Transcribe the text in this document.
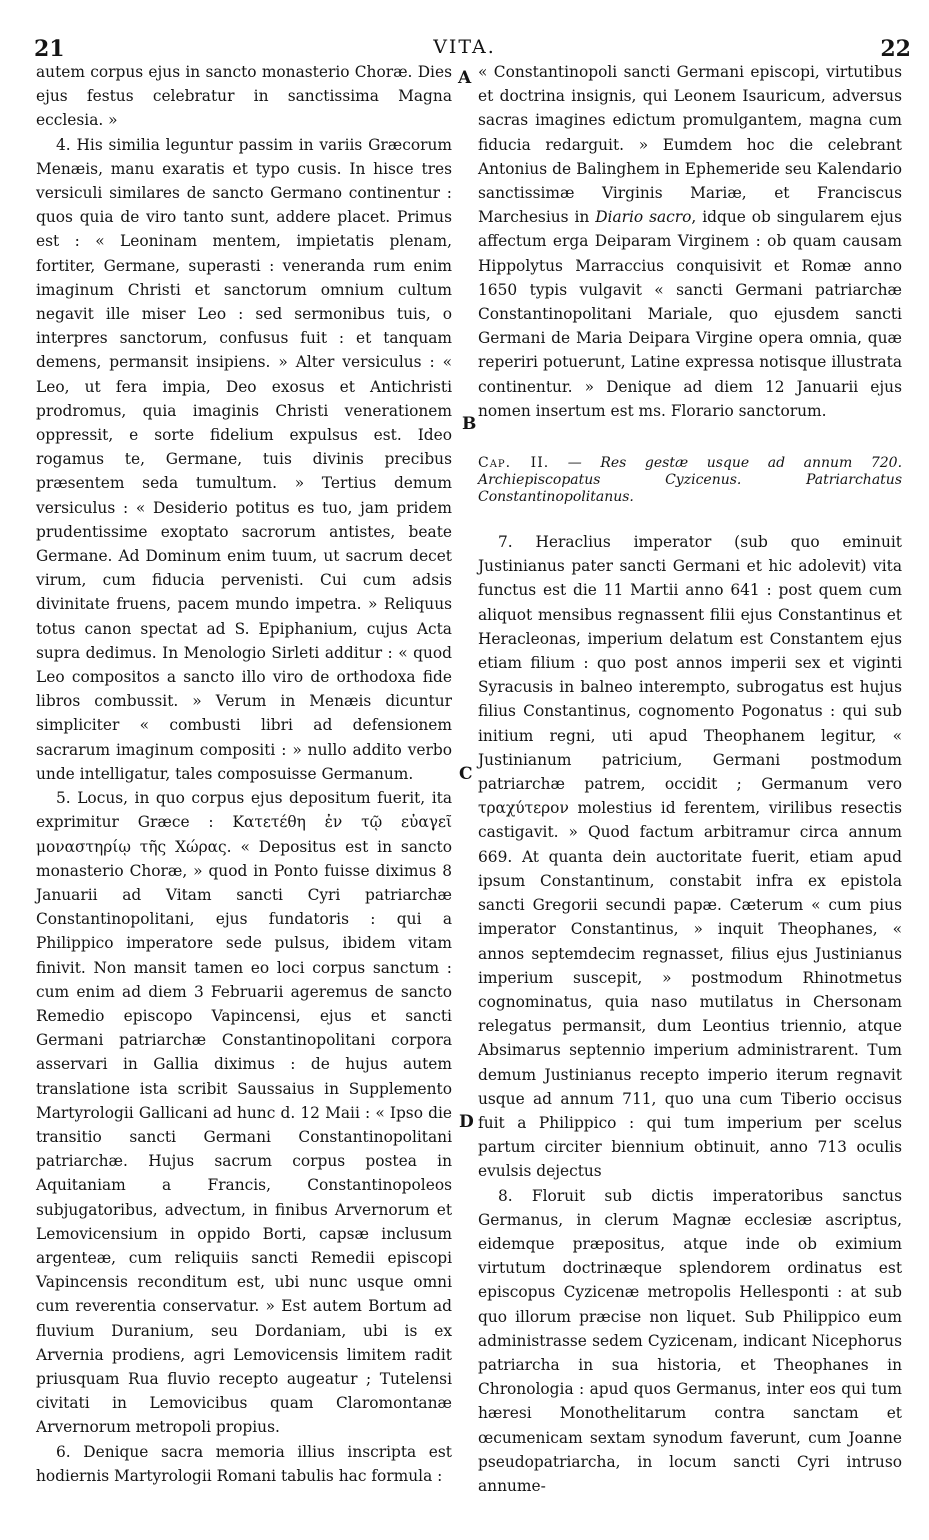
21	VITA.	22

autem corpus ejus in sancto monasterio Choræ. Dies ejus festus celebratur in sanctissima Magna ecclesia. »

4. His similia leguntur passim in variis Græcorum Menæis, manu exaratis et typo cusis. In hisce tres versiculi similares de sancto Germano continentur : quos quia de viro tanto sunt, addere placet. Primus est : « Leoninam mentem, impietatis plenam, fortiter, Germane, superasti : veneranda rum enim imaginum Christi et sanctorum omnium cultum negavit ille miser Leo : sed sermonibus tuis, o interpres sanctorum, confusus fuit : et tanquam demens, permansit insipiens. » Alter versiculus : « Leo, ut fera impia, Deo exosus et Antichristi prodromus, quia imaginis Christi venerationem oppressit, e sorte fidelium expulsus est. Ideo rogamus te, Germane, tuis divinis precibus præsentem seda tumultum. » Tertius demum versiculus : « Desiderio potitus es tuo, jam pridem prudentissime exoptato sacrorum antistes, beate Germane. Ad Dominum enim tuum, ut sacrum decet virum, cum fiducia pervenisti. Cui cum adsis divinitate fruens, pacem mundo impetra. » Reliquus totus canon spectat ad S. Epiphanium, cujus Acta supra dedimus. In Menologio Sirleti additur : « quod Leo compositos a sancto illo viro de orthodoxa fide libros combussit. » Verum in Menæis dicuntur simpliciter « combusti libri ad defensionem sacrarum imaginum compositi : » nullo addito verbo unde intelligatur, tales composuisse Germanum.

5. Locus, in quo corpus ejus depositum fuerit, ita exprimitur Græce : Κατετέθη ἐν τῷ εὐαγεῖ μοναστηρίῳ τῆς Χώρας. « Depositus est in sancto monasterio Choræ, » quod in Ponto fuisse diximus 8 Januarii ad Vitam sancti Cyri patriarchæ Constantinopolitani, ejus fundatoris : qui a Philippico imperatore sede pulsus, ibidem vitam finivit. Non mansit tamen eo loci corpus sanctum : cum enim ad diem 3 Februarii ageremus de sancto Remedio episcopo Vapincensi, ejus et sancti Germani patriarchæ Constantinopolitani corpora asservari in Gallia diximus : de hujus autem translatione ista scribit Saussaius in Supplemento Martyrologii Gallicani ad hunc d. 12 Maii : « Ipso die transitio sancti Germani Constantinopolitani patriarchæ. Hujus sacrum corpus postea in Aquitaniam a Francis, Constantinopoleos subjugatoribus, advectum, in finibus Arvernorum et Lemovicensium in oppido Borti, capsæ inclusum argenteæ, cum reliquiis sancti Remedii episcopi Vapincensis reconditum est, ubi nunc usque omni cum reverentia conservatur. » Est autem Bortum ad fluvium Duranium, seu Dordaniam, ubi is ex Arvernia prodiens, agri Lemovicensis limitem radit priusquam Rua fluvio recepto augeatur ; Tutelensi civitati in Lemovicibus quam Claromontanæ Arvernorum metropoli propius.

6. Denique sacra memoria illius inscripta est hodiernis Martyrologii Romani tabulis hac formula :

A
B
C
D

« Constantinopoli sancti Germani episcopi, virtutibus et doctrina insignis, qui Leonem Isauricum, adversus sacras imagines edictum promulgantem, magna cum fiducia redarguit. » Eumdem hoc die celebrant Antonius de Balinghem in Ephemeride seu Kalendario sanctissimæ Virginis Mariæ, et Franciscus Marchesius in Diario sacro, idque ob singularem ejus affectum erga Deiparam Virginem : ob quam causam Hippolytus Marraccius conquisivit et Romæ anno 1650 typis vulgavit « sancti Germani patriarchæ Constantinopolitani Mariale, quo ejusdem sancti Germani de Maria Deipara Virgine opera omnia, quæ reperiri potuerunt, Latine expressa notisque illustrata continentur. » Denique ad diem 12 Januarii ejus nomen insertum est ms. Florario sanctorum.

Cap. II. — Res gestæ usque ad annum 720. Archiepiscopatus Cyzicenus. Patriarchatus Constantinopolitanus.

7. Heraclius imperator (sub quo eminuit Justinianus pater sancti Germani et hic adolevit) vita functus est die 11 Martii anno 641 : post quem cum aliquot mensibus regnassent filii ejus Constantinus et Heracleonas, imperium delatum est Constantem ejus etiam filium : quo post annos imperii sex et viginti Syracusis in balneo interempto, subrogatus est hujus filius Constantinus, cognomento Pogonatus : qui sub initium regni, uti apud Theophanem legitur, « Justinianum patricium, Germani postmodum patriarchæ patrem, occidit ; Germanum vero τραχύτερον molestius id ferentem, virilibus resectis castigavit. » Quod factum arbitramur circa annum 669. At quanta dein auctoritate fuerit, etiam apud ipsum Constantinum, constabit infra ex epistola sancti Gregorii secundi papæ. Cæterum « cum pius imperator Constantinus, » inquit Theophanes, « annos septemdecim regnasset, filius ejus Justinianus imperium suscepit, » postmodum Rhinotmetus cognominatus, quia naso mutilatus in Chersonam relegatus permansit, dum Leontius triennio, atque Absimarus septennio imperium administrarent. Tum demum Justinianus recepto imperio iterum regnavit usque ad annum 711, quo una cum Tiberio occisus fuit a Philippico : qui tum imperium per scelus partum circiter biennium obtinuit, anno 713 oculis evulsis dejectus

8. Floruit sub dictis imperatoribus sanctus Germanus, in clerum Magnæ ecclesiæ ascriptus, eidemque præpositus, atque inde ob eximium virtutum doctrinæque splendorem ordinatus est episcopus Cyzicenæ metropolis Hellesponti : at sub quo illorum præcise non liquet. Sub Philippico eum administrasse sedem Cyzicenam, indicant Nicephorus patriarcha in sua historia, et Theophanes in Chronologia : apud quos Germanus, inter eos qui tum hæresi Monothelitarum contra sanctam et œcumenicam sextam synodum faverunt, cum Joanne pseudopatriarcha, in locum sancti Cyri intruso annume-
